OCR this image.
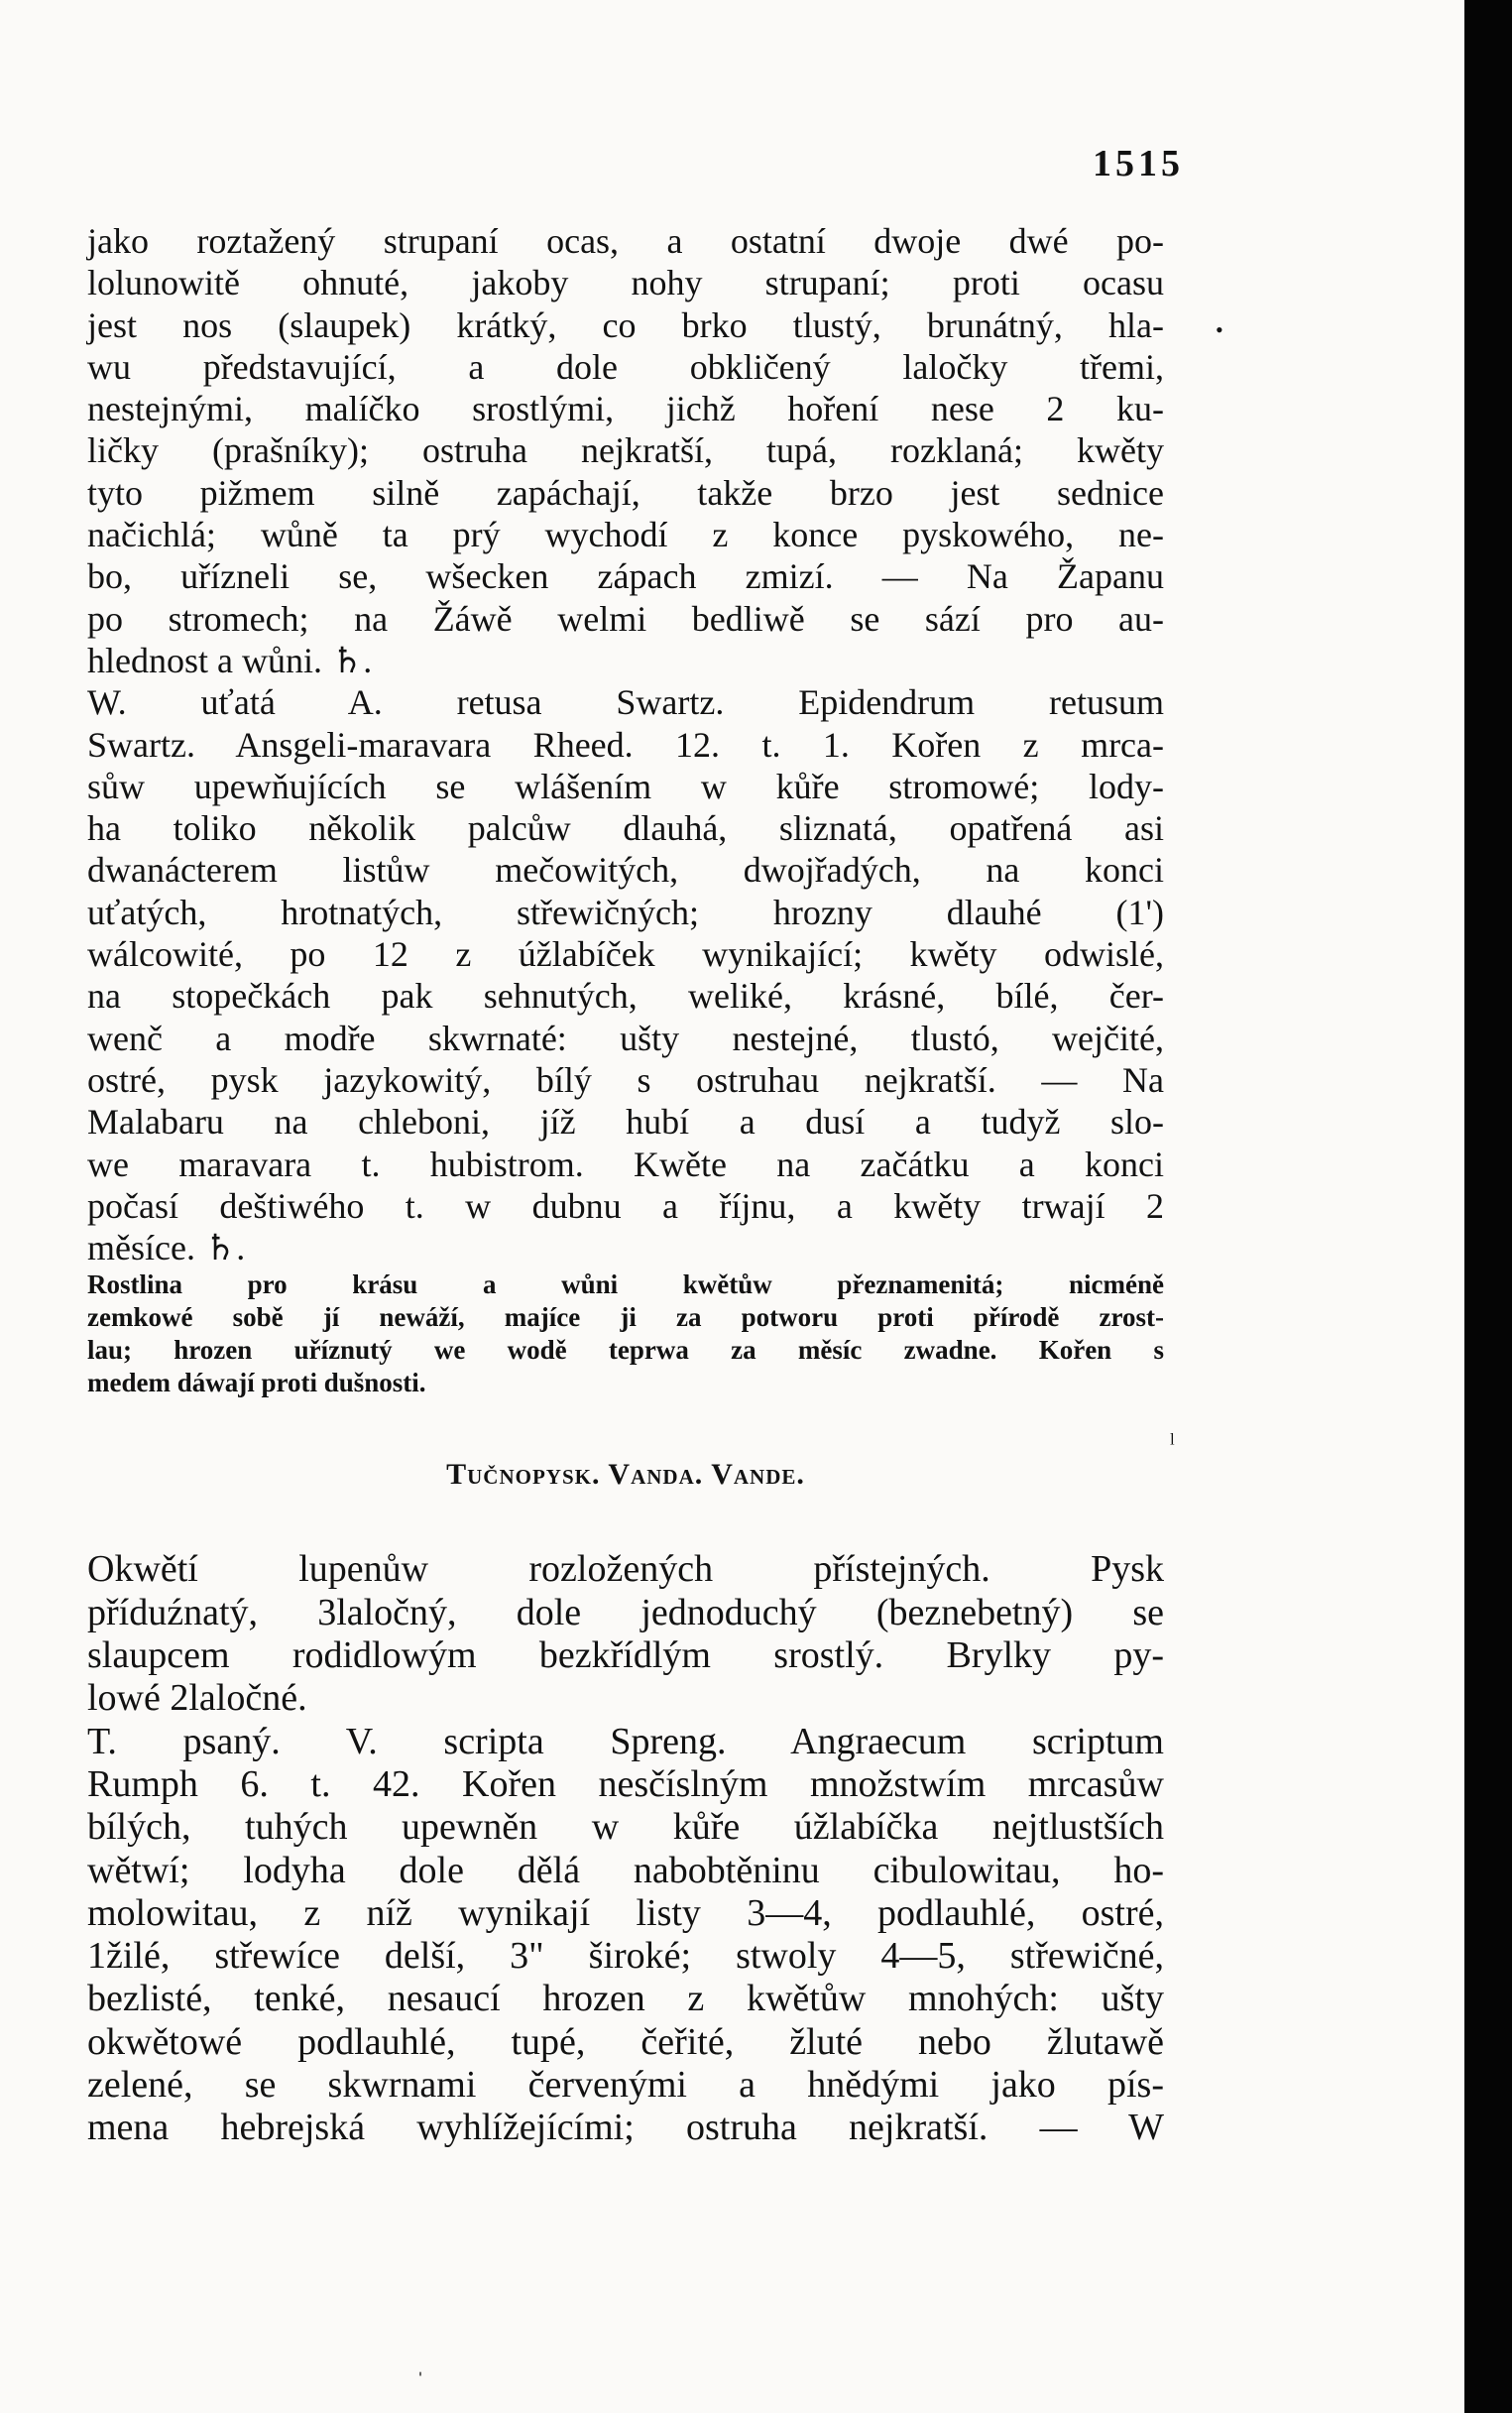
1515
•
jako roztažený strupaní ocas, a ostatní dwoje dwé po-
lolunowitě ohnuté, jakoby nohy strupaní; proti ocasu
jest nos (slaupek) krátký, co brko tlustý, brunátný, hla-
wu představující, a dole obkličený laločky třemi,
nestejnými, malíčko srostlými, jichž hoření nese 2 ku-
ličky (prašníky); ostruha nejkratší, tupá, rozklaná; kwěty
tyto pižmem silně zapáchají, takže brzo jest sednice
načichlá; wůně ta prý wychodí z konce pyskowého, ne-
bo, uřízneli se, wšecken zápach zmizí. — Na Žapanu
po stromech; na Žáwě welmi bedliwě se sází pro au-
hlednost a wůni. ♄.
W. uťatá A. retusa Swartz. Epidendrum retusum
Swartz. Ansgeli-maravara Rheed. 12. t. 1. Kořen z mrca-
sůw upewňujících se wlášením w kůře stromowé; lody-
ha toliko několik palcůw dlauhá, sliznatá, opatřená asi
dwanácterem listůw mečowitých, dwojřadých, na konci
uťatých, hrotnatých, střewičných; hrozny dlauhé (1')
wálcowité, po 12 z úžlabíček wynikající; kwěty odwislé,
na stopečkách pak sehnutých, weliké, krásné, bílé, čer-
wenč a modře skwrnaté: ušty nestejné, tlustó, wejčité,
ostré, pysk jazykowitý, bílý s ostruhau nejkratší. — Na
Malabaru na chleboni, jíž hubí a dusí a tudyž slo-
we maravara t. hubistrom. Kwěte na začátku a konci
počasí deštiwého t. w dubnu a říjnu, a kwěty trwají 2
měsíce. ♄.
Rostlina pro krásu a wůni kwětůw přeznamenitá; nicméně
zemkowé sobě jí newáží, majíce ji za potworu proti přírodě zrost-
lau; hrozen uříznutý we wodě teprwa za měsíc zwadne. Kořen s
medem dáwají proti dušnosti.
Tučnopysk. Vanda. Vande.
Okwětí lupenůw rozložených přístejných. Pysk
příduźnatý, 3laločný, dole jednoduchý (beznebetný) se
slaupcem rodidlowým bezkřídlým srostlý. Brylky py-
lowé 2laločné.
T. psaný. V. scripta Spreng. Angraecum scriptum
Rumph 6. t. 42. Kořen nesčíslným množstwím mrcasůw
bílých, tuhých upewněn w kůře úžlabíčka nejtlustších
wětwí; lodyha dole dělá nabobtěninu cibulowitau, ho-
molowitau, z níž wynikají listy 3—4, podlauhlé, ostré,
1žilé, střewíce delší, 3" široké; stwoly 4—5, střewičné,
bezlisté, tenké, nesaucí hrozen z kwětůw mnohých: ušty
okwětowé podlauhlé, tupé, čeřité, žluté nebo žlutawě
zelené, se skwrnami červenými a hnědými jako pís-
mena hebrejská wyhlížejícími; ostruha nejkratší. — W
ˡ
ˌ
